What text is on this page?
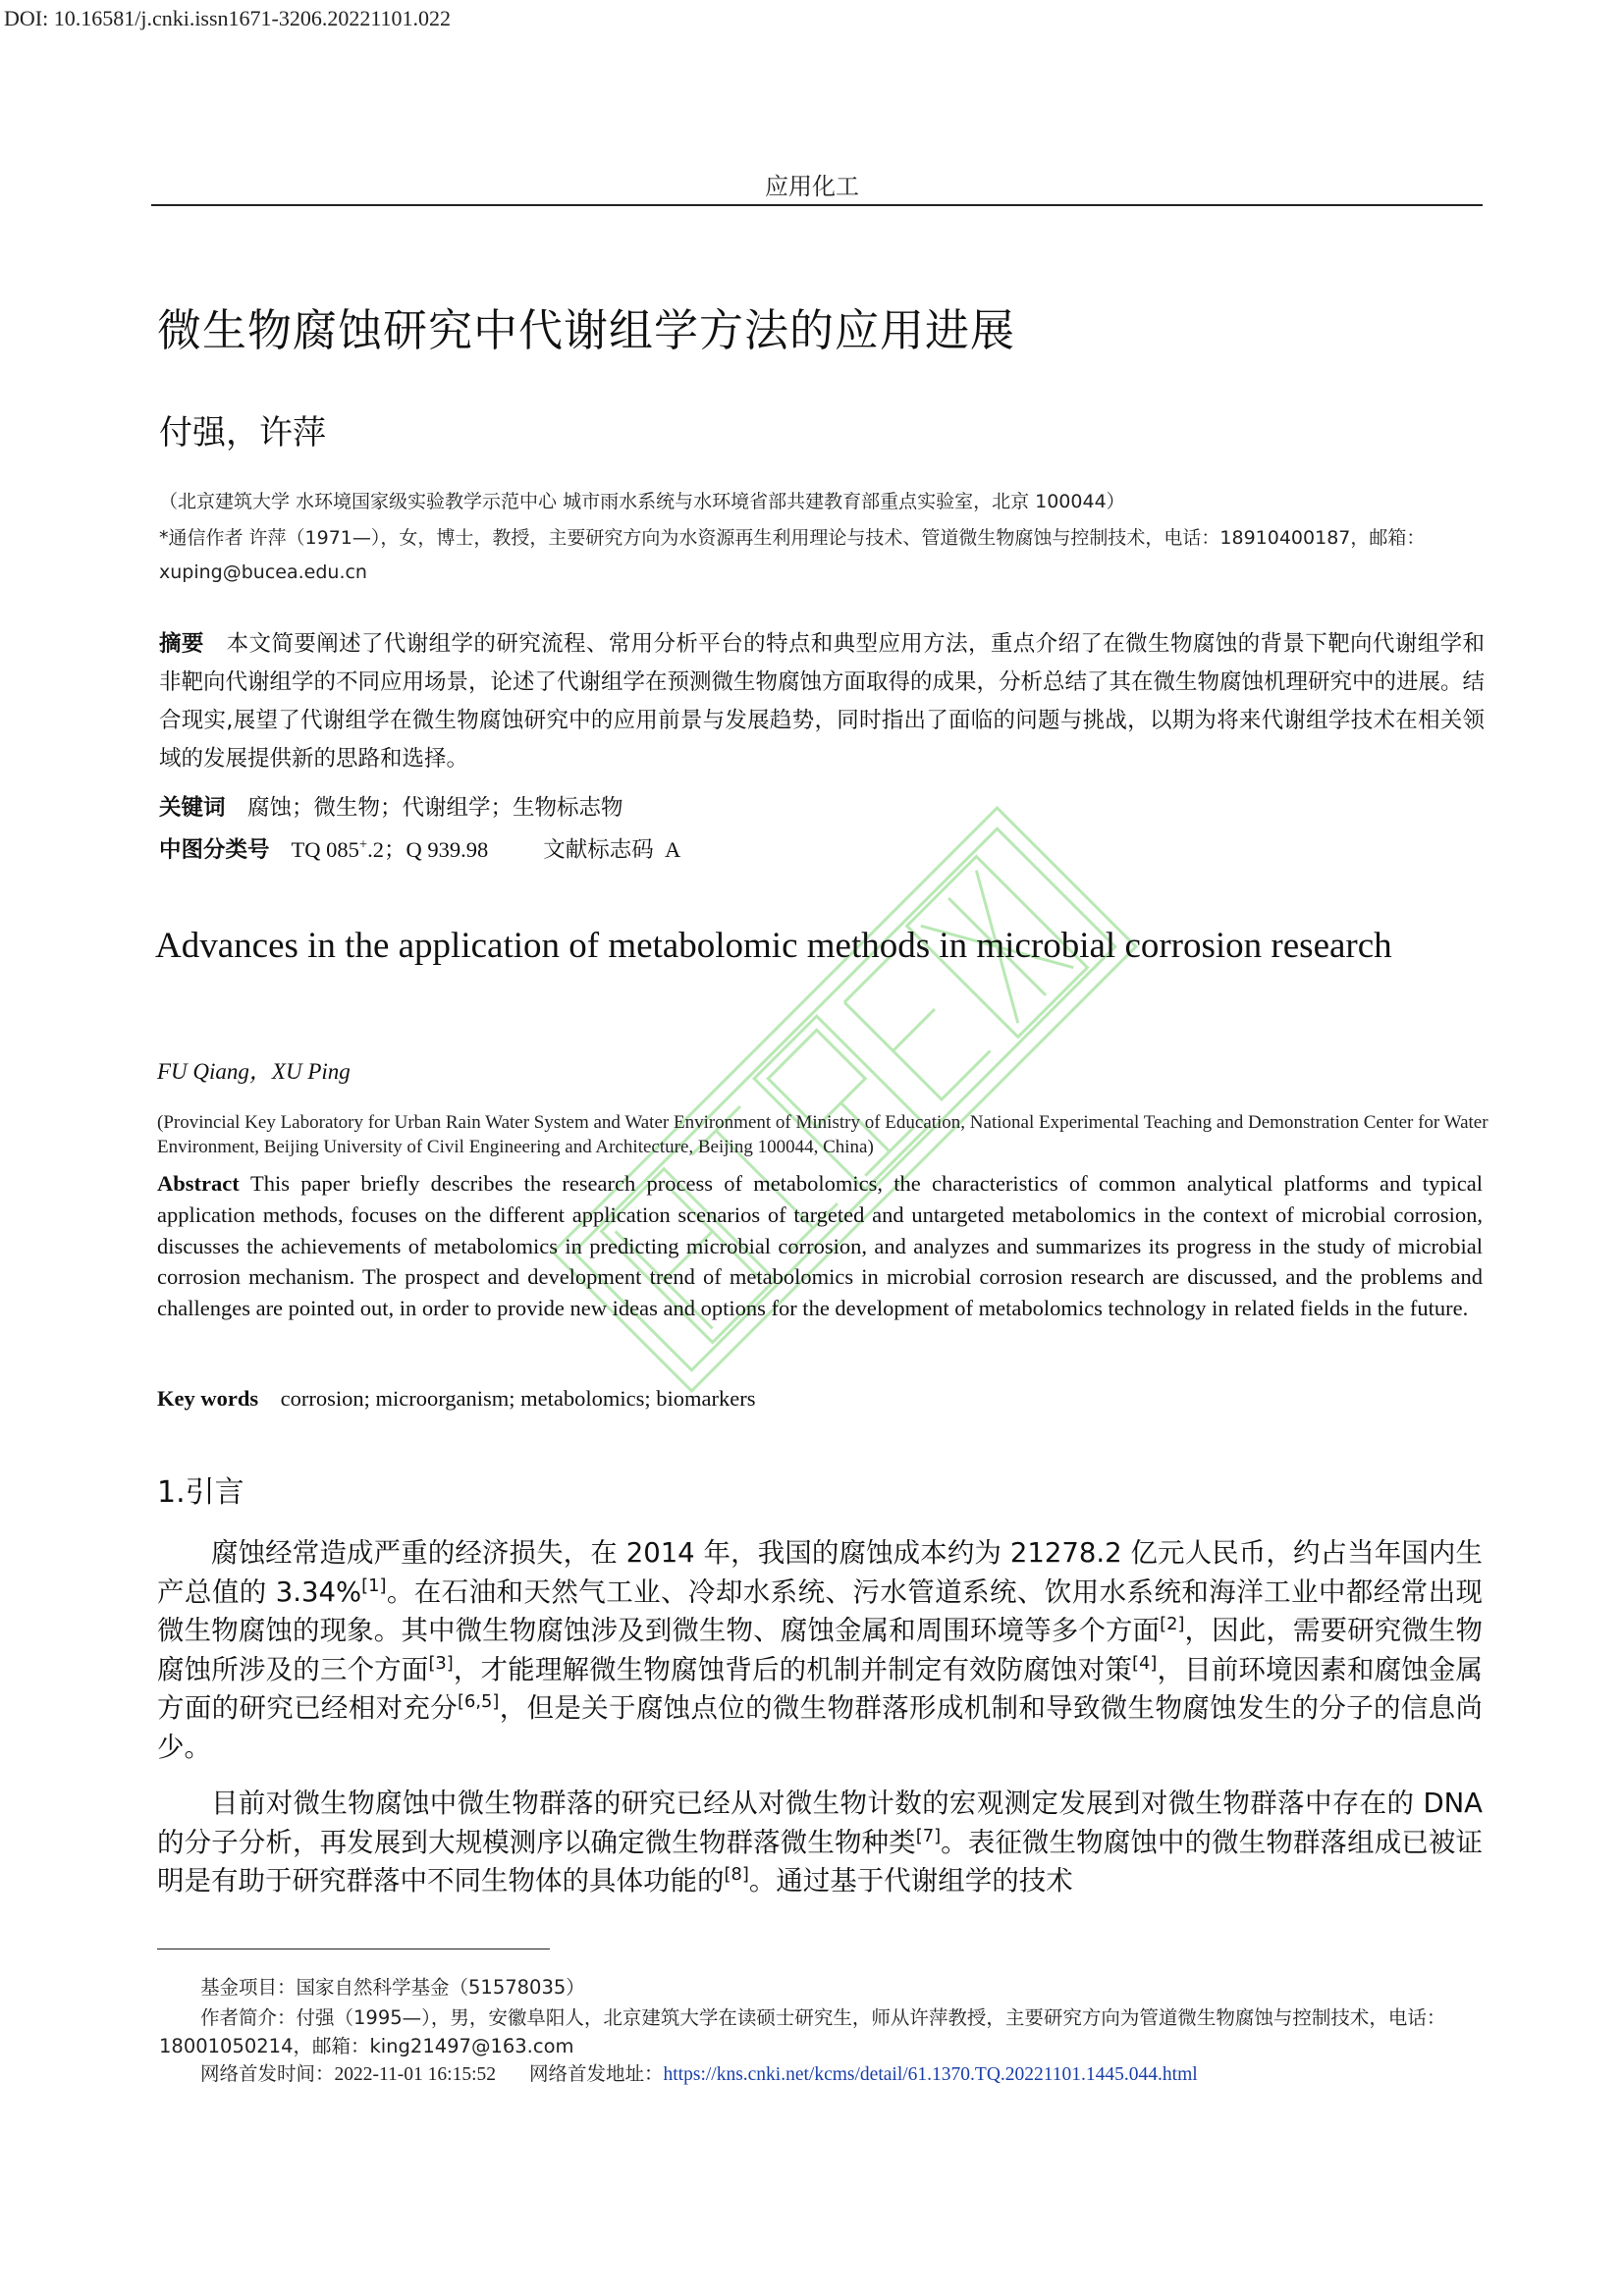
DOI: 10.16581/j.cnki.issn1671-3206.20221101.022
应用化工
微生物腐蚀研究中代谢组学方法的应用进展
付强，许萍
（北京建筑大学 水环境国家级实验教学示范中心 城市雨水系统与水环境省部共建教育部重点实验室，北京 100044）
*通信作者 许萍（1971—），女，博士，教授，主要研究方向为水资源再生利用理论与技术、管道微生物腐蚀与控制技术，电话：18910400187，邮箱：xuping@bucea.edu.cn
摘要  本文简要阐述了代谢组学的研究流程、常用分析平台的特点和典型应用方法，重点介绍了在微生物腐蚀的背景下靶向代谢组学和非靶向代谢组学的不同应用场景，论述了代谢组学在预测微生物腐蚀方面取得的成果，分析总结了其在微生物腐蚀机理研究中的进展。结合现实,展望了代谢组学在微生物腐蚀研究中的应用前景与发展趋势，同时指出了面临的问题与挑战，以期为将来代谢组学技术在相关领域的发展提供新的思路和选择。
关键词  腐蚀；微生物；代谢组学；生物标志物
中图分类号 TQ 085+.2；Q 939.98 文献标志码  A
Advances in the application of metabolomic methods in microbial corrosion research
FU Qiang，XU Ping
(Provincial Key Laboratory for Urban Rain Water System and Water Environment of Ministry of Education, National Experimental Teaching and Demonstration Center for Water Environment, Beijing University of Civil Engineering and Architecture, Beijing 100044, China)
Abstract  This paper briefly describes the research process of metabolomics, the characteristics of common analytical platforms and typical application methods, focuses on the different application scenarios of targeted and untargeted metabolomics in the context of microbial corrosion, discusses the achievements of metabolomics in predicting microbial corrosion, and analyzes and summarizes its progress in the study of microbial corrosion mechanism. The prospect and development trend of metabolomics in microbial corrosion research are discussed, and the problems and challenges are pointed out, in order to provide new ideas and options for the development of metabolomics technology in related fields in the future.
Key words   corrosion; microorganism; metabolomics; biomarkers
1.引言
腐蚀经常造成严重的经济损失，在 2014 年，我国的腐蚀成本约为 21278.2 亿元人民币，约占当年国内生产总值的 3.34%[1]。在石油和天然气工业、冷却水系统、污水管道系统、饮用水系统和海洋工业中都经常出现微生物腐蚀的现象。其中微生物腐蚀涉及到微生物、腐蚀金属和周围环境等多个方面[2]，因此，需要研究微生物腐蚀所涉及的三个方面[3]，才能理解微生物腐蚀背后的机制并制定有效防腐蚀对策[4]，目前环境因素和腐蚀金属方面的研究已经相对充分[6,5]，但是关于腐蚀点位的微生物群落形成机制和导致微生物腐蚀发生的分子的信息尚少。
目前对微生物腐蚀中微生物群落的研究已经从对微生物计数的宏观测定发展到对微生物群落中存在的 DNA 的分子分析，再发展到大规模测序以确定微生物群落微生物种类[7]。表征微生物腐蚀中的微生物群落组成已被证明是有助于研究群落中不同生物体的具体功能的[8]。通过基于代谢组学的技术
基金项目：国家自然科学基金（51578035）
作者简介：付强（1995—），男，安徽阜阳人，北京建筑大学在读硕士研究生，师从许萍教授，主要研究方向为管道微生物腐蚀与控制技术，电话：18001050214，邮箱：king21497@163.com
网络首发时间：2022-11-01 16:15:52 网络首发地址：https://kns.cnki.net/kcms/detail/61.1370.TQ.20221101.1445.044.html
